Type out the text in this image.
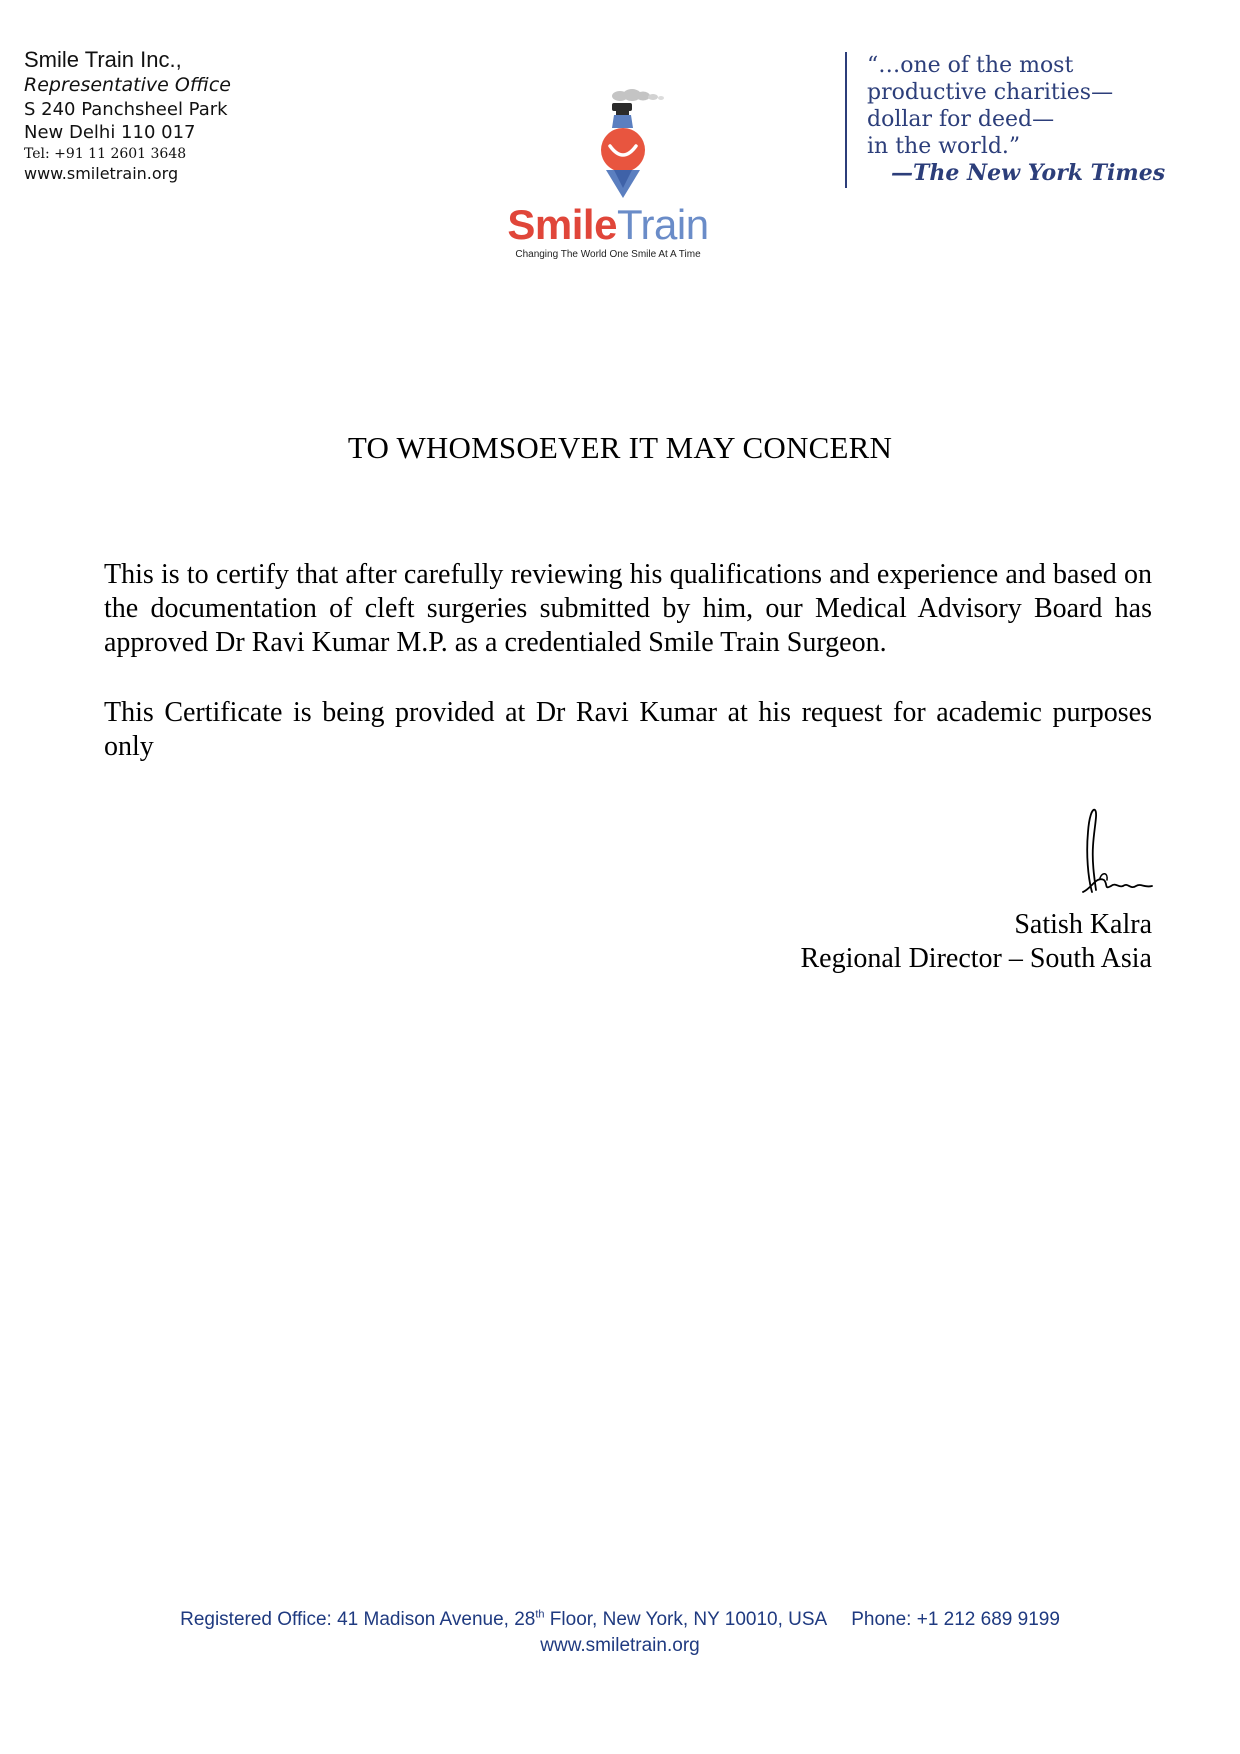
Smile Train Inc.,
Representative Office
S 240 Panchsheel Park
New Delhi 110 017
Tel: +91 11 2601 3648
www.smiletrain.org
SmileTrain
Changing The World One Smile At A Time
“…one of the most
productive charities—
dollar for deed—
in the world.”
—The New York Times
TO WHOMSOEVER IT MAY CONCERN
This is to certify that after carefully reviewing his qualifications and experience and based on the documentation of cleft surgeries submitted by him, our Medical Advisory Board has approved Dr Ravi Kumar M.P. as a credentialed Smile Train Surgeon.
This Certificate is being provided at Dr Ravi Kumar at his request for academic purposes only
Satish Kalra
Regional Director – South Asia
Registered Office: 41 Madison Avenue, 28th Floor, New York, NY 10010, USA Phone: +1 212 689 9199
www.smiletrain.org
